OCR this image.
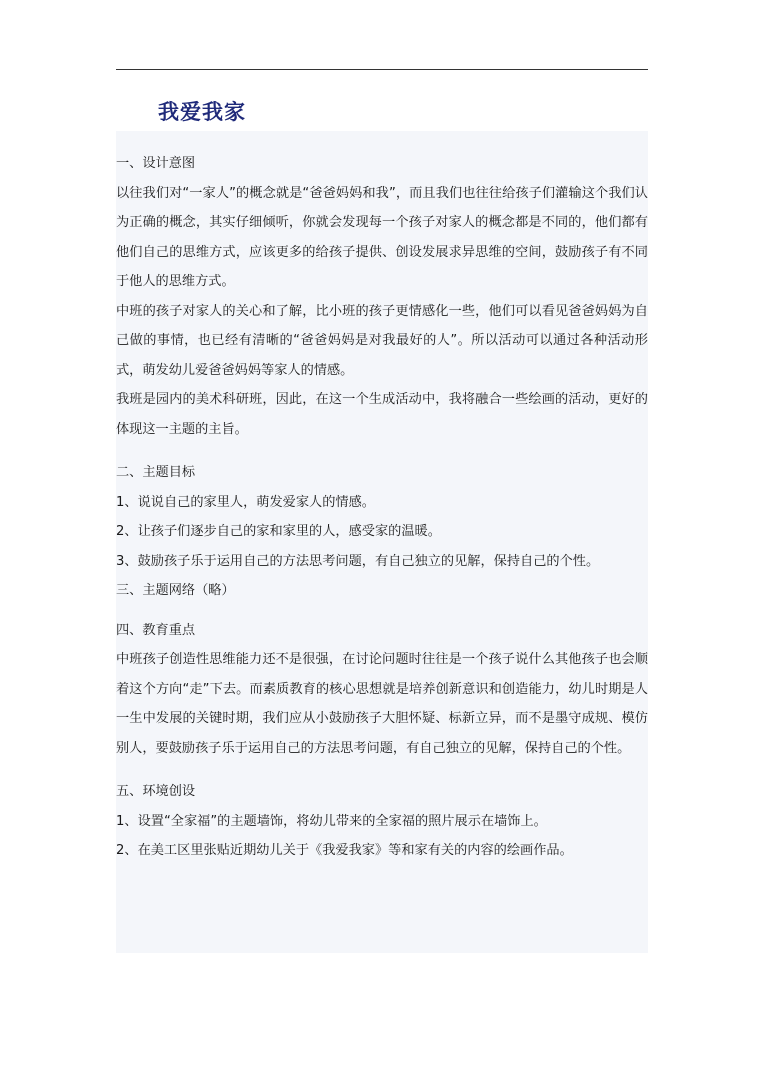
我爱我家

一、设计意图

以往我们对“一家人”的概念就是“爸爸妈妈和我”，而且我们也往往给孩子们灌输这个我们认为正确的概念，其实仔细倾听，你就会发现每一个孩子对家人的概念都是不同的，他们都有他们自己的思维方式，应该更多的给孩子提供、创设发展求异思维的空间，鼓励孩子有不同于他人的思维方式。

中班的孩子对家人的关心和了解，比小班的孩子更情感化一些，他们可以看见爸爸妈妈为自己做的事情，也已经有清晰的“爸爸妈妈是对我最好的人”。所以活动可以通过各种活动形式，萌发幼儿爱爸爸妈妈等家人的情感。

我班是园内的美术科研班，因此，在这一个生成活动中，我将融合一些绘画的活动，更好的体现这一主题的主旨。

二、主题目标

1、说说自己的家里人，萌发爱家人的情感。

2、让孩子们逐步自己的家和家里的人，感受家的温暖。

3、鼓励孩子乐于运用自己的方法思考问题，有自己独立的见解，保持自己的个性。

三、主题网络（略）

四、教育重点

中班孩子创造性思维能力还不是很强，在讨论问题时往往是一个孩子说什么其他孩子也会顺着这个方向“走”下去。而素质教育的核心思想就是培养创新意识和创造能力，幼儿时期是人一生中发展的关键时期，我们应从小鼓励孩子大胆怀疑、标新立异，而不是墨守成规、模仿别人，要鼓励孩子乐于运用自己的方法思考问题，有自己独立的见解，保持自己的个性。

五、环境创设

1、设置“全家福”的主题墙饰，将幼儿带来的全家福的照片展示在墙饰上。

2、在美工区里张贴近期幼儿关于《我爱我家》等和家有关的内容的绘画作品。
